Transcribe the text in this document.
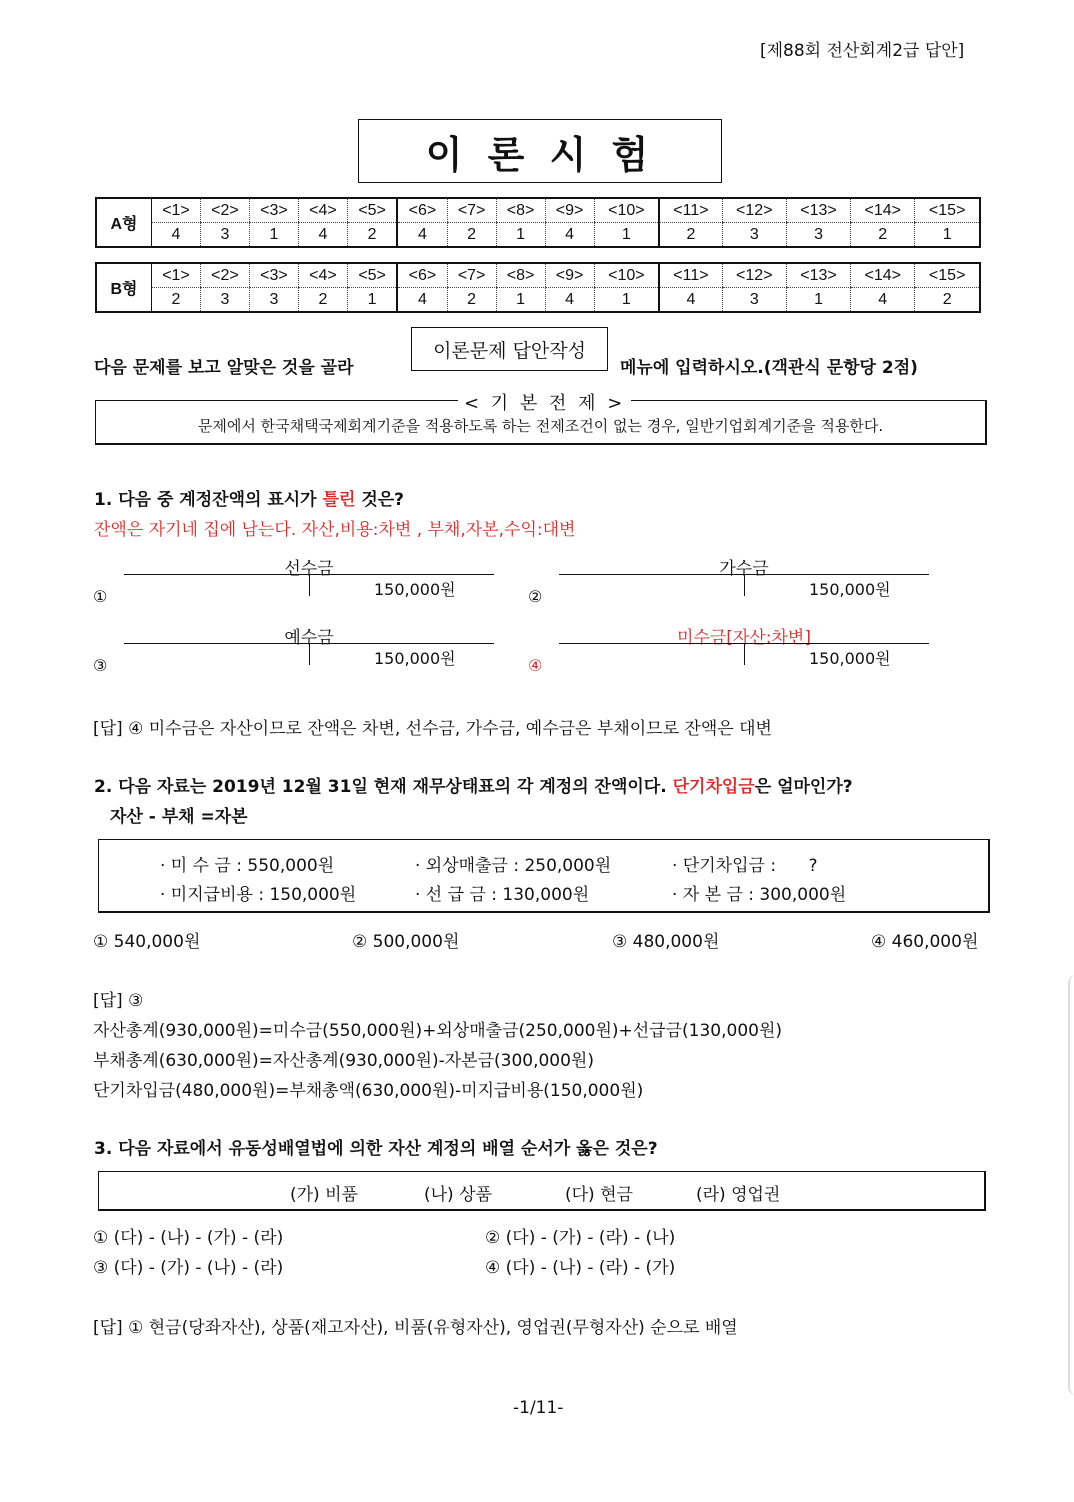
[제88회 전산회계2급 답안]
이 론 시 험
A형	<1>	<2>	<3>	<4>	<5>	<6>	<7>	<8>	<9>	<10>	<11>	<12>	<13>	<14>	<15>
	4	3	1	4	2	4	2	1	4	1	2	3	3	2	1
B형	<1>	<2>	<3>	<4>	<5>	<6>	<7>	<8>	<9>	<10>	<11>	<12>	<13>	<14>	<15>
	2	3	3	2	1	4	2	1	4	1	4	3	1	4	2
다음 문제를 보고 알맞은 것을 골라
이론문제 답안작성
메뉴에 입력하시오.(객관식 문항당 2점)
< 기 본 전 제 >
문제에서 한국채택국제회계기준을 적용하도록 하는 전제조건이 없는 경우, 일반기업회계기준을 적용한다.
1. 다음 중 계정잔액의 표시가 틀린 것은?
잔액은 자기네 집에 남는다. 자산,비용:차변 , 부채,자본,수익:대변
①
선수금
150,000원	②
가수금
150,000원
③
예수금
150,000원	④
미수금[자산:차변]
150,000원
[답] ④ 미수금은 자산이므로 잔액은 차변, 선수금, 가수금, 예수금은 부채이므로 잔액은 대변
2. 다음 자료는 2019년 12월 31일 현재 재무상태표의 각 계정의 잔액이다. 단기차입금은 얼마인가?
자산 - 부채 =자본
· 미 수 금 : 550,000원	· 외상매출금 : 250,000원	· 단기차입금 :      ?
· 미지급비용 : 150,000원	· 선 급 금 : 130,000원	· 자 본 금 : 300,000원
① 540,000원	② 500,000원	③ 480,000원	④ 460,000원
[답] ③
자산총계(930,000원)=미수금(550,000원)+외상매출금(250,000원)+선급금(130,000원)
부채총계(630,000원)=자산총계(930,000원)-자본금(300,000원)
단기차입금(480,000원)=부채총액(630,000원)-미지급비용(150,000원)
3. 다음 자료에서 유동성배열법에 의한 자산 계정의 배열 순서가 옳은 것은?
(가) 비품	(나) 상품	(다) 현금	(라) 영업권
① (다) - (나) - (가) - (라)	② (다) - (가) - (라) - (나)
③ (다) - (가) - (나) - (라)	④ (다) - (나) - (라) - (가)
[답] ① 현금(당좌자산), 상품(재고자산), 비품(유형자산), 영업권(무형자산) 순으로 배열
-1/11-
